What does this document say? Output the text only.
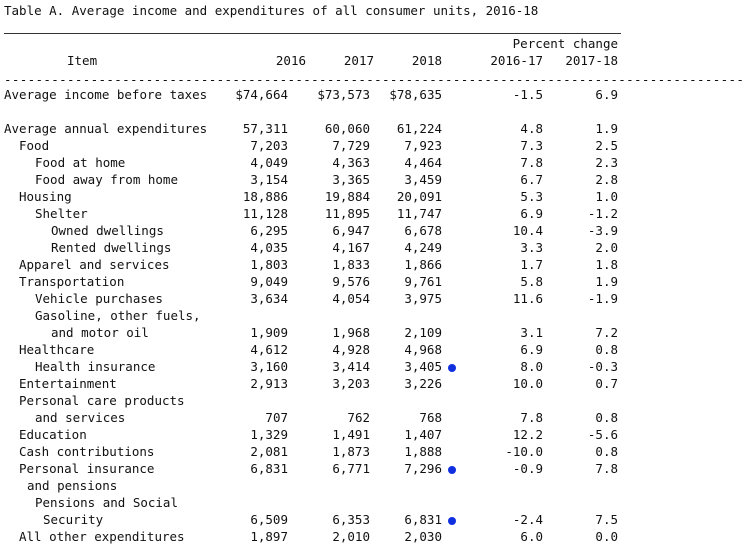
Table A. Average income and expenditures of all consumer units, 2016-18
Percent change
Item	2016	2017	2018	2016-17 2017-18
----------------------------------------------------------------------------------------------
Average income before taxes $74,664 $73,573 $78,635	-1.5	6.9
Average annual expenditures	57,311	60,060 61,224	4.8	1.9
Food	7,203	7,729	7,923	7.3	2.5
Food at home	4,049	4,363	4,464	7.8	2.3
Food away from home	3,154	3,365	3,459	6.7	2.8
Housing	18,886	19,884 20,091	5.3	1.0
Shelter	11,128	11,895 11,747	6.9	-1.2
Owned dwellings	6,295	6,947	6,678	10.4	-3.9
Rented dwellings	4,035	4,167	4,249	3.3	2.0
Apparel and services	1,803	1,833	1,866	1.7	1.8
Transportation	9,049	9,576	9,761	5.8	1.9
Vehicle purchases	3,634	4,054	3,975	11.6	-1.9
Gasoline, other fuels,
and motor oil	1,909	1,968	2,109	3.1	7.2
Healthcare	4,612	4,928	4,968	6.9	0.8
Health insurance	3,160	3,414	3,405	8.0	-0.3
Entertainment	2,913	3,203	3,226	10.0	0.7
Personal care products
and services	707	762	768	7.8	0.8
Education	1,329	1,491	1,407	12.2	-5.6
Cash contributions	2,081	1,873	1,888	-10.0	0.8
Personal insurance	6,831	6,771	7,296	-0.9	7.8
and pensions
Pensions and Social
Security	6,509	6,353	6,831	-2.4	7.5
All other expenditures	1,897	2,010	2,030	6.0	0.0
